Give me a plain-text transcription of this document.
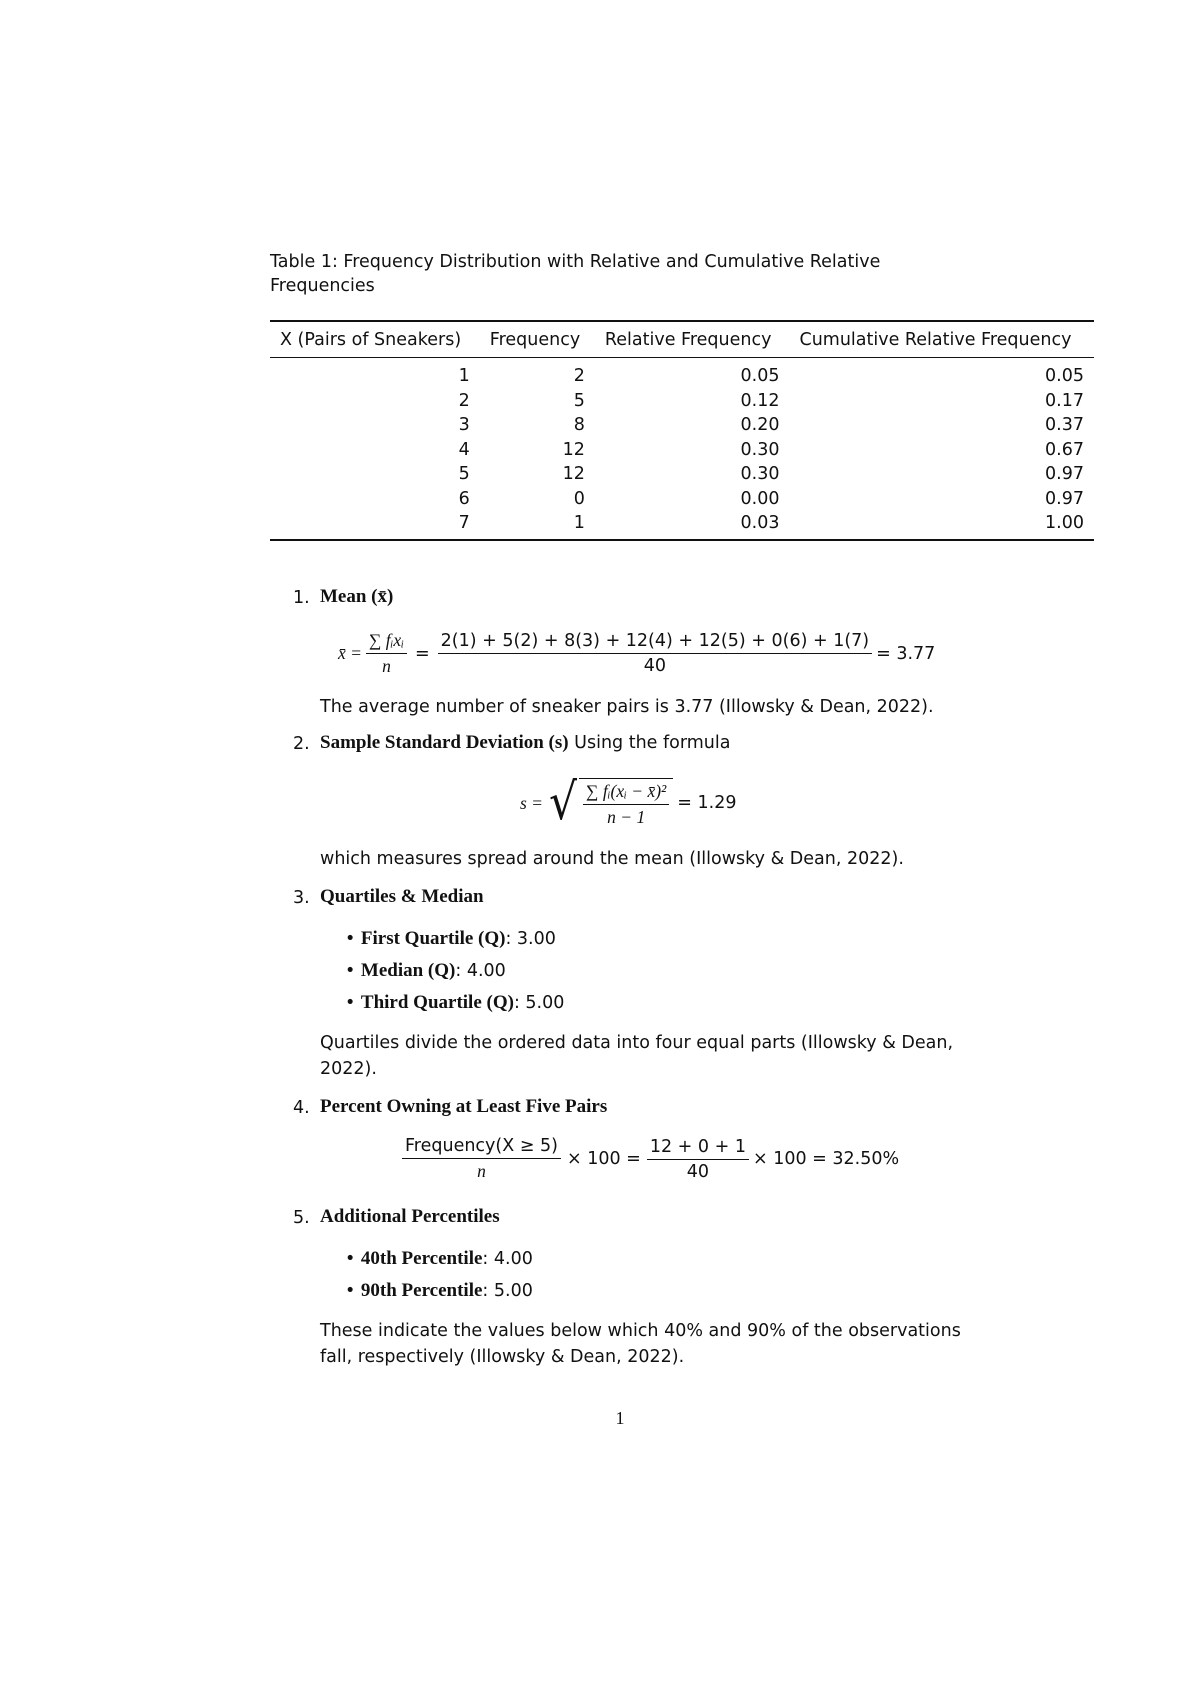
Table 1: Frequency Distribution with Relative and Cumulative Relative Frequencies
X (Pairs of Sneakers)	Frequency	Relative Frequency	Cumulative Relative Frequency
1	2	0.05	0.05
2	5	0.12	0.17
3	8	0.20	0.37
4	12	0.30	0.67
5	12	0.30	0.97
6	0	0.00	0.97
7	1	0.03	1.00
1. Mean (x̄)
x̄ = $\frac{\text{∑ fᵢxᵢ}}{n} = \frac{2(1) + 5(2) + 8(3) + 12(4) + 12(5) + 0(6) + 1(7)}{40} = 3.77$
The average number of sneaker pairs is 3.77 (Illowsky & Dean, 2022).
2. Sample Standard Deviation (s) Using the formula
s = √ $\frac{\text{∑ fᵢ(xᵢ − x̄)²}}{n - 1} = 1.29$
which measures spread around the mean (Illowsky & Dean, 2022).
3. Quartiles & Median
• First Quartile (Q): 3.00
• Median (Q): 4.00
• Third Quartile (Q): 5.00
Quartiles divide the ordered data into four equal parts (Illowsky & Dean, 2022).
4. Percent Owning at Least Five Pairs
$\frac{\text{Frequency(X ≥ 5)}}{n} \times 100 = \frac{12 + 0 + 1}{40} \times 100 = 32.50\%$
5. Additional Percentiles
• 40th Percentile: 4.00
• 90th Percentile: 5.00
These indicate the values below which 40% and 90% of the observations fall, respectively (Illowsky & Dean, 2022).
1
